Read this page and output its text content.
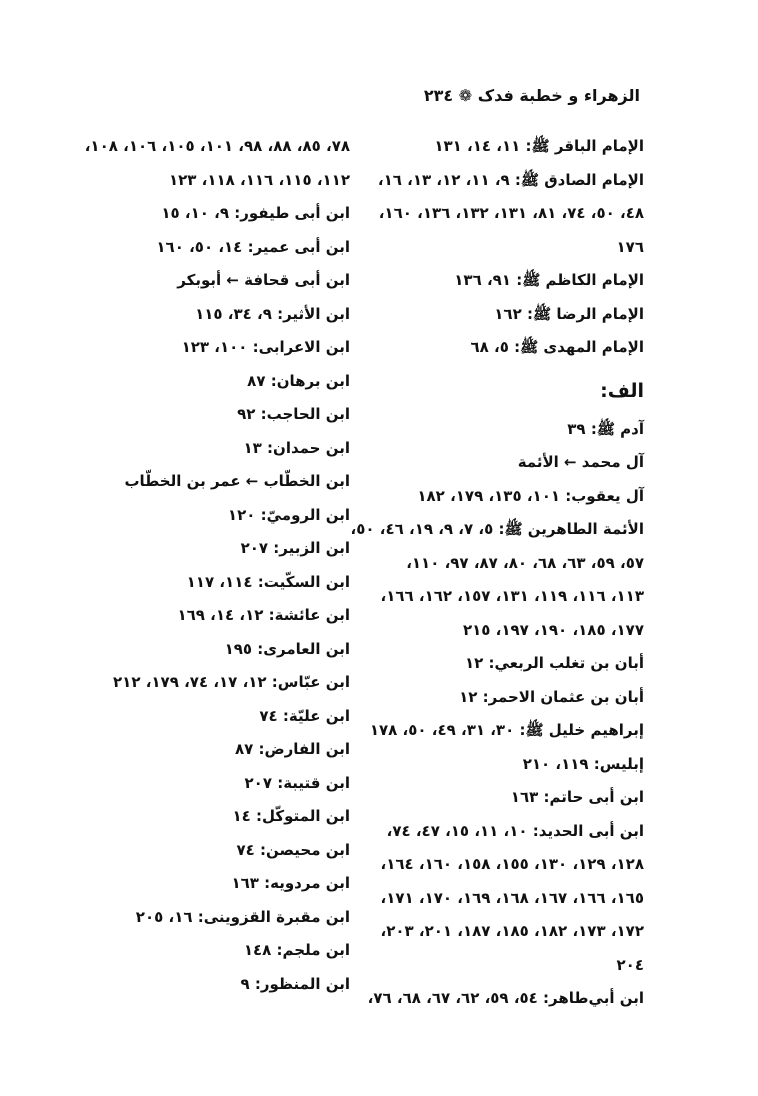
الزهراء و خطبة فدک ❁ ٢٣٤
الإمام الباقر ﷺ: ١١، ١٤، ١٣١
الإمام الصادق ﷺ: ٩، ١١، ١٢، ١٣، ١٦،
٤٨، ٥٠، ٧٤، ٨١، ١٣١، ١٣٢، ١٣٦، ١٦٠،
١٧٦
الإمام الكاظم ﷺ: ٩١، ١٣٦
الإمام الرضا ﷺ: ١٦٢
الإمام المهدى ﷺ: ٥، ٦٨
الف:
آدم ﷺ: ٣٩
آل محمد ← الأئمة
آل يعقوب: ١٠١، ١٣٥، ١٧٩، ١٨٢
الأئمة الطاهرين ﷺ: ٥، ٧، ٩، ١٩، ٤٦، ٥٠،
٥٧، ٥٩، ٦٣، ٦٨، ٨٠، ٨٧، ٩٧، ١١٠،
١١٣، ١١٦، ١١٩، ١٣١، ١٥٧، ١٦٢، ١٦٦،
١٧٧، ١٨٥، ١٩٠، ١٩٧، ٢١٥
أبان بن تغلب الربعي: ١٢
أبان بن عثمان الاحمر: ١٢
إبراهيم خليل ﷺ: ٣٠، ٣١، ٤٩، ٥٠، ١٧٨
إبليس: ١١٩، ٢١٠
ابن أبى حاتم: ١٦٣
ابن أبى الحديد: ١٠، ١١، ١٥، ٤٧، ٧٤،
١٢٨، ١٢٩، ١٣٠، ١٥٥، ١٥٨، ١٦٠، ١٦٤،
١٦٥، ١٦٦، ١٦٧، ١٦٨، ١٦٩، ١٧٠، ١٧١،
١٧٢، ١٧٣، ١٨٢، ١٨٥، ١٨٧، ٢٠١، ٢٠٣،
٢٠٤
ابن أبي‌طاهر: ٥٤، ٥٩، ٦٢، ٦٧، ٦٨، ٧٦،
٧٨، ٨٥، ٨٨، ٩٨، ١٠١، ١٠٥، ١٠٦، ١٠٨،
١١٢، ١١٥، ١١٦، ١١٨، ١٢٣
ابن أبى طيفور: ٩، ١٠، ١٥
ابن أبى عمير: ١٤، ٥٠، ١٦٠
ابن أبى قحافة ← أبوبكر
ابن الأثير: ٩، ٣٤، ١١٥
ابن الاعرابى: ١٠٠، ١٢٣
ابن برهان: ٨٧
ابن الحاجب: ٩٢
ابن حمدان: ١٣
ابن الخطّاب ← عمر بن الخطّاب
ابن الروميّ: ١٢٠
ابن الزبير: ٢٠٧
ابن السكّيت: ١١٤، ١١٧
ابن عائشة: ١٢، ١٤، ١٦٩
ابن العامرى: ١٩٥
ابن عبّاس: ١٢، ١٧، ٧٤، ١٧٩، ٢١٢
ابن عليّة: ٧٤
ابن الفارض: ٨٧
ابن قتيبة: ٢٠٧
ابن المتوكّل: ١٤
ابن محيصن: ٧٤
ابن مردويه: ١٦٣
ابن مقبرة القزوينى: ١٦، ٢٠٥
ابن ملجم: ١٤٨
ابن المنظور: ٩
